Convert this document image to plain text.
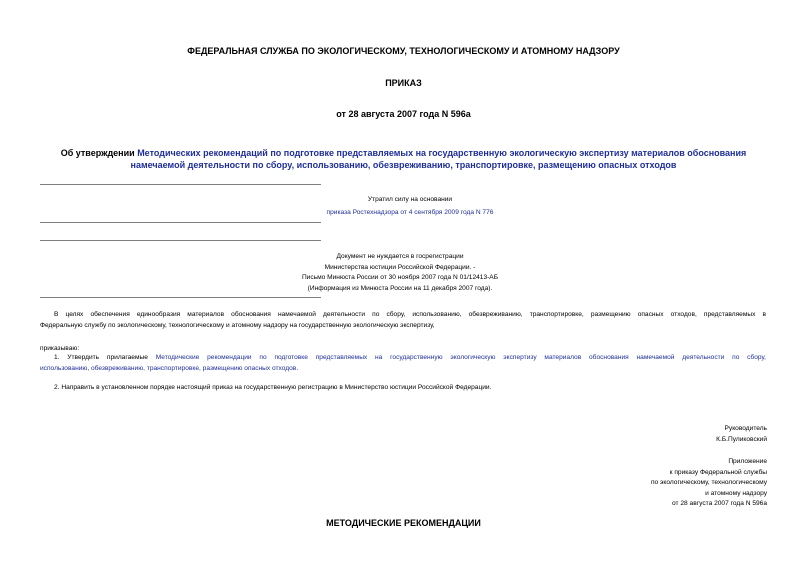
ФЕДЕРАЛЬНАЯ СЛУЖБА ПО ЭКОЛОГИЧЕСКОМУ, ТЕХНОЛОГИЧЕСКОМУ И АТОМНОМУ НАДЗОРУ
ПРИКАЗ
от 28 августа 2007 года N 596а
Об утверждении Методических рекомендаций по подготовке представляемых на государственную экологическую экспертизу материалов обоснования
намечаемой деятельности по сбору, использованию, обезвреживанию, транспортировке, размещению опасных отходов
Утратил силу на основании
приказа Ростехнадзора от 4 сентября 2009 года N 776
Документ не нуждается в госрегистрации
Министерства юстиции Российской Федерации. -
Письмо Минюста России от 30 ноября 2007 года N 01/12413-АБ
(Информация из Минюста России на 11 декабря 2007 года).
В целях обеспечения единообразия материалов обоснования намечаемой деятельности по сбору, использованию, обезвреживанию, транспортировке, размещению опасных отходов, представляемых в
Федеральную службу по экологическому, технологическому и атомному надзору на государственную экологическую экспертизу,
приказываю:
1. Утвердить прилагаемые Методические рекомендации по подготовке представляемых на государственную экологическую экспертизу материалов обоснования намечаемой деятельности по сбору,
использованию, обезвреживанию, транспортировке, размещению опасных отходов.
2. Направить в установленном порядке настоящий приказ на государственную регистрацию в Министерство юстиции Российской Федерации.
Руководитель
К.Б.Пуликовский
Приложение
к приказу Федеральной службы
по экологическому, технологическому
и атомному надзору
от 28 августа 2007 года N 596а
МЕТОДИЧЕСКИЕ РЕКОМЕНДАЦИИ
